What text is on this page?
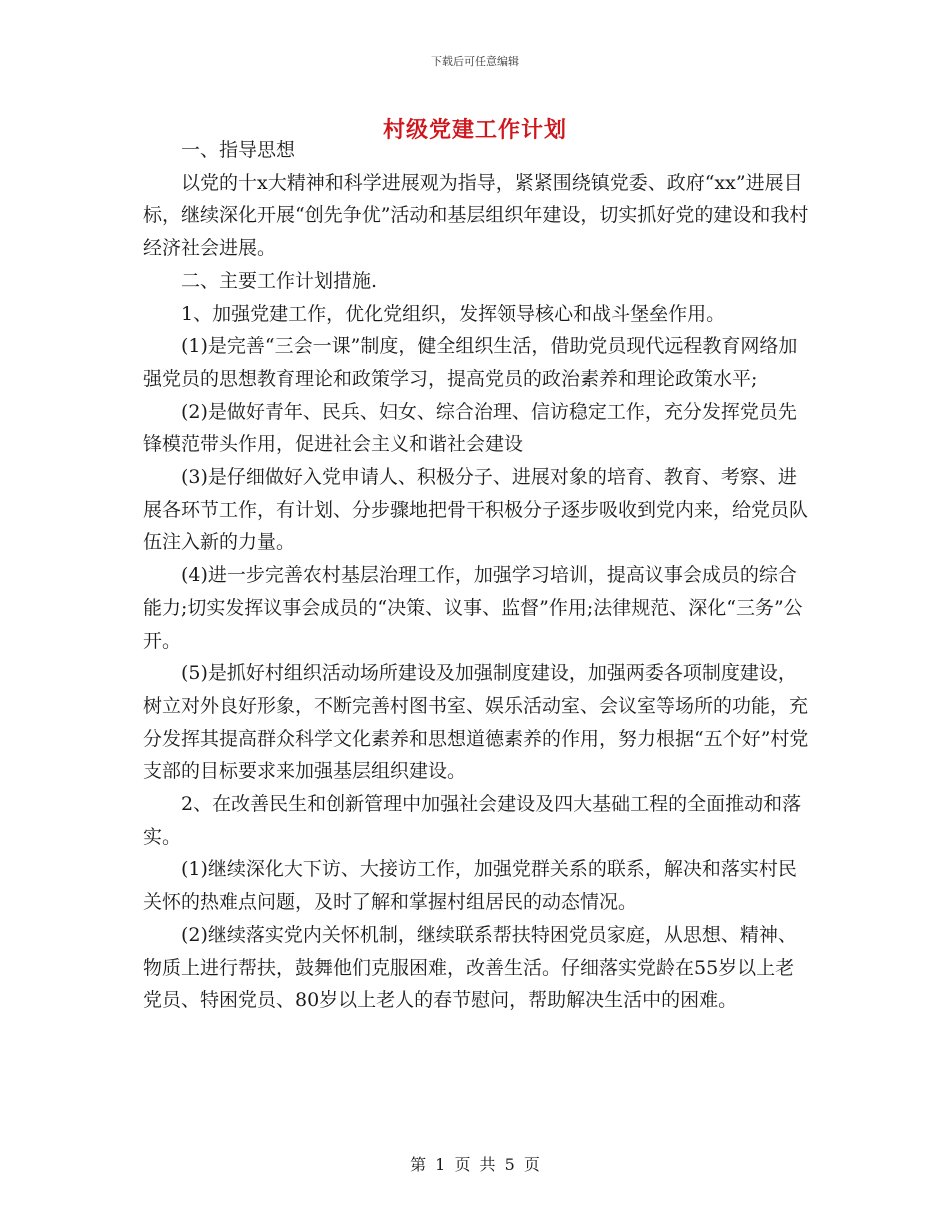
下载后可任意编辑
村级党建工作计划

一、指导思想

以党的十x大精神和科学进展观为指导，紧紧围绕镇党委、政府“xx”进展目标，继续深化开展“创先争优”活动和基层组织年建设，切实抓好党的建设和我村经济社会进展。

二、主要工作计划措施.

1、加强党建工作，优化党组织，发挥领导核心和战斗堡垒作用。

(1)是完善“三会一课”制度，健全组织生活，借助党员现代远程教育网络加强党员的思想教育理论和政策学习，提高党员的政治素养和理论政策水平;

(2)是做好青年、民兵、妇女、综合治理、信访稳定工作，充分发挥党员先锋模范带头作用，促进社会主义和谐社会建设

(3)是仔细做好入党申请人、积极分子、进展对象的培育、教育、考察、进展各环节工作，有计划、分步骤地把骨干积极分子逐步吸收到党内来，给党员队伍注入新的力量。

(4)进一步完善农村基层治理工作，加强学习培训，提高议事会成员的综合能力;切实发挥议事会成员的“决策、议事、监督”作用;法律规范、深化“三务”公开。

(5)是抓好村组织活动场所建设及加强制度建设，加强两委各项制度建设，树立对外良好形象，不断完善村图书室、娱乐活动室、会议室等场所的功能，充分发挥其提高群众科学文化素养和思想道德素养的作用，努力根据“五个好”村党支部的目标要求来加强基层组织建设。

2、在改善民生和创新管理中加强社会建设及四大基础工程的全面推动和落实。

(1)继续深化大下访、大接访工作，加强党群关系的联系，解决和落实村民关怀的热难点问题，及时了解和掌握村组居民的动态情况。

(2)继续落实党内关怀机制，继续联系帮扶特困党员家庭，从思想、精神、物质上进行帮扶，鼓舞他们克服困难，改善生活。仔细落实党龄在55岁以上老党员、特困党员、80岁以上老人的春节慰问，帮助解决生活中的困难。

第 1 页 共 5 页
